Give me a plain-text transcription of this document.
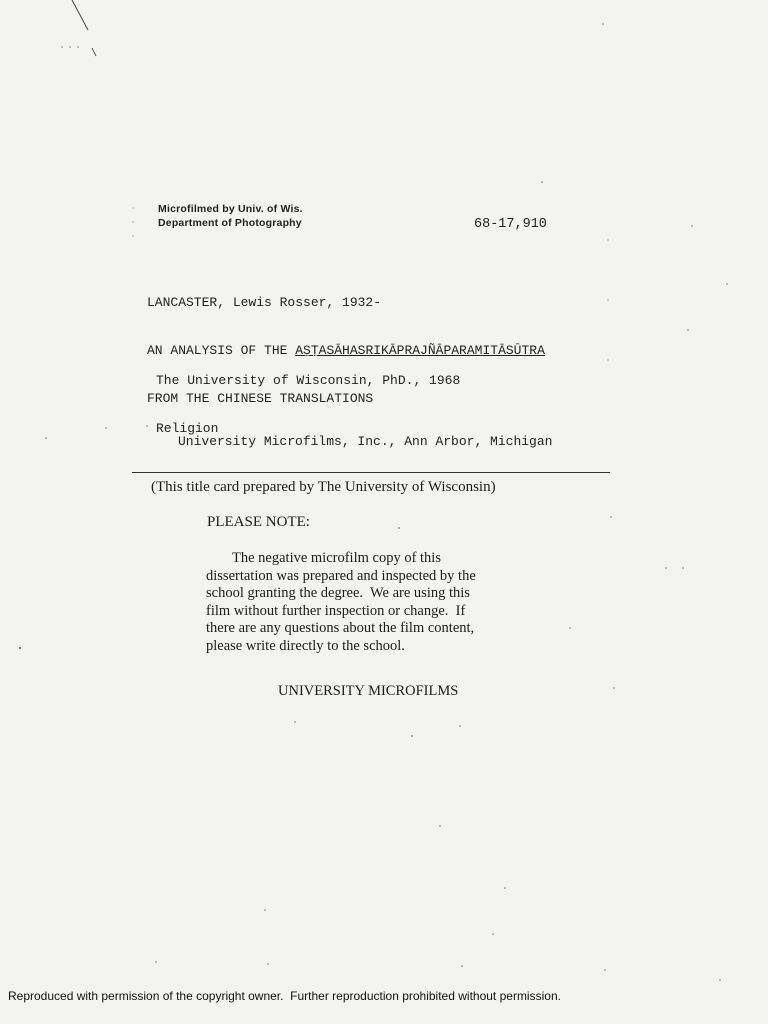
Microfilmed by Univ. of Wis.
Department of Photography	68-17,910

LANCASTER, Lewis Rosser, 1932-

AN ANALYSIS OF THE AṢṬASĀHASRIKĀPRAJÑĀPARAMITĀSŪTRA

FROM THE CHINESE TRANSLATIONS

The University of Wisconsin, PhD., 1968

Religion

University Microfilms, Inc., Ann Arbor, Michigan
(This title card prepared by The University of Wisconsin)
PLEASE NOTE:
The negative microfilm copy of this
dissertation was prepared and inspected by the
school granting the degree.  We are using this
film without further inspection or change.  If
there are any questions about the film content,
please write directly to the school.
UNIVERSITY MICROFILMS
Reproduced with permission of the copyright owner.  Further reproduction prohibited without permission.
